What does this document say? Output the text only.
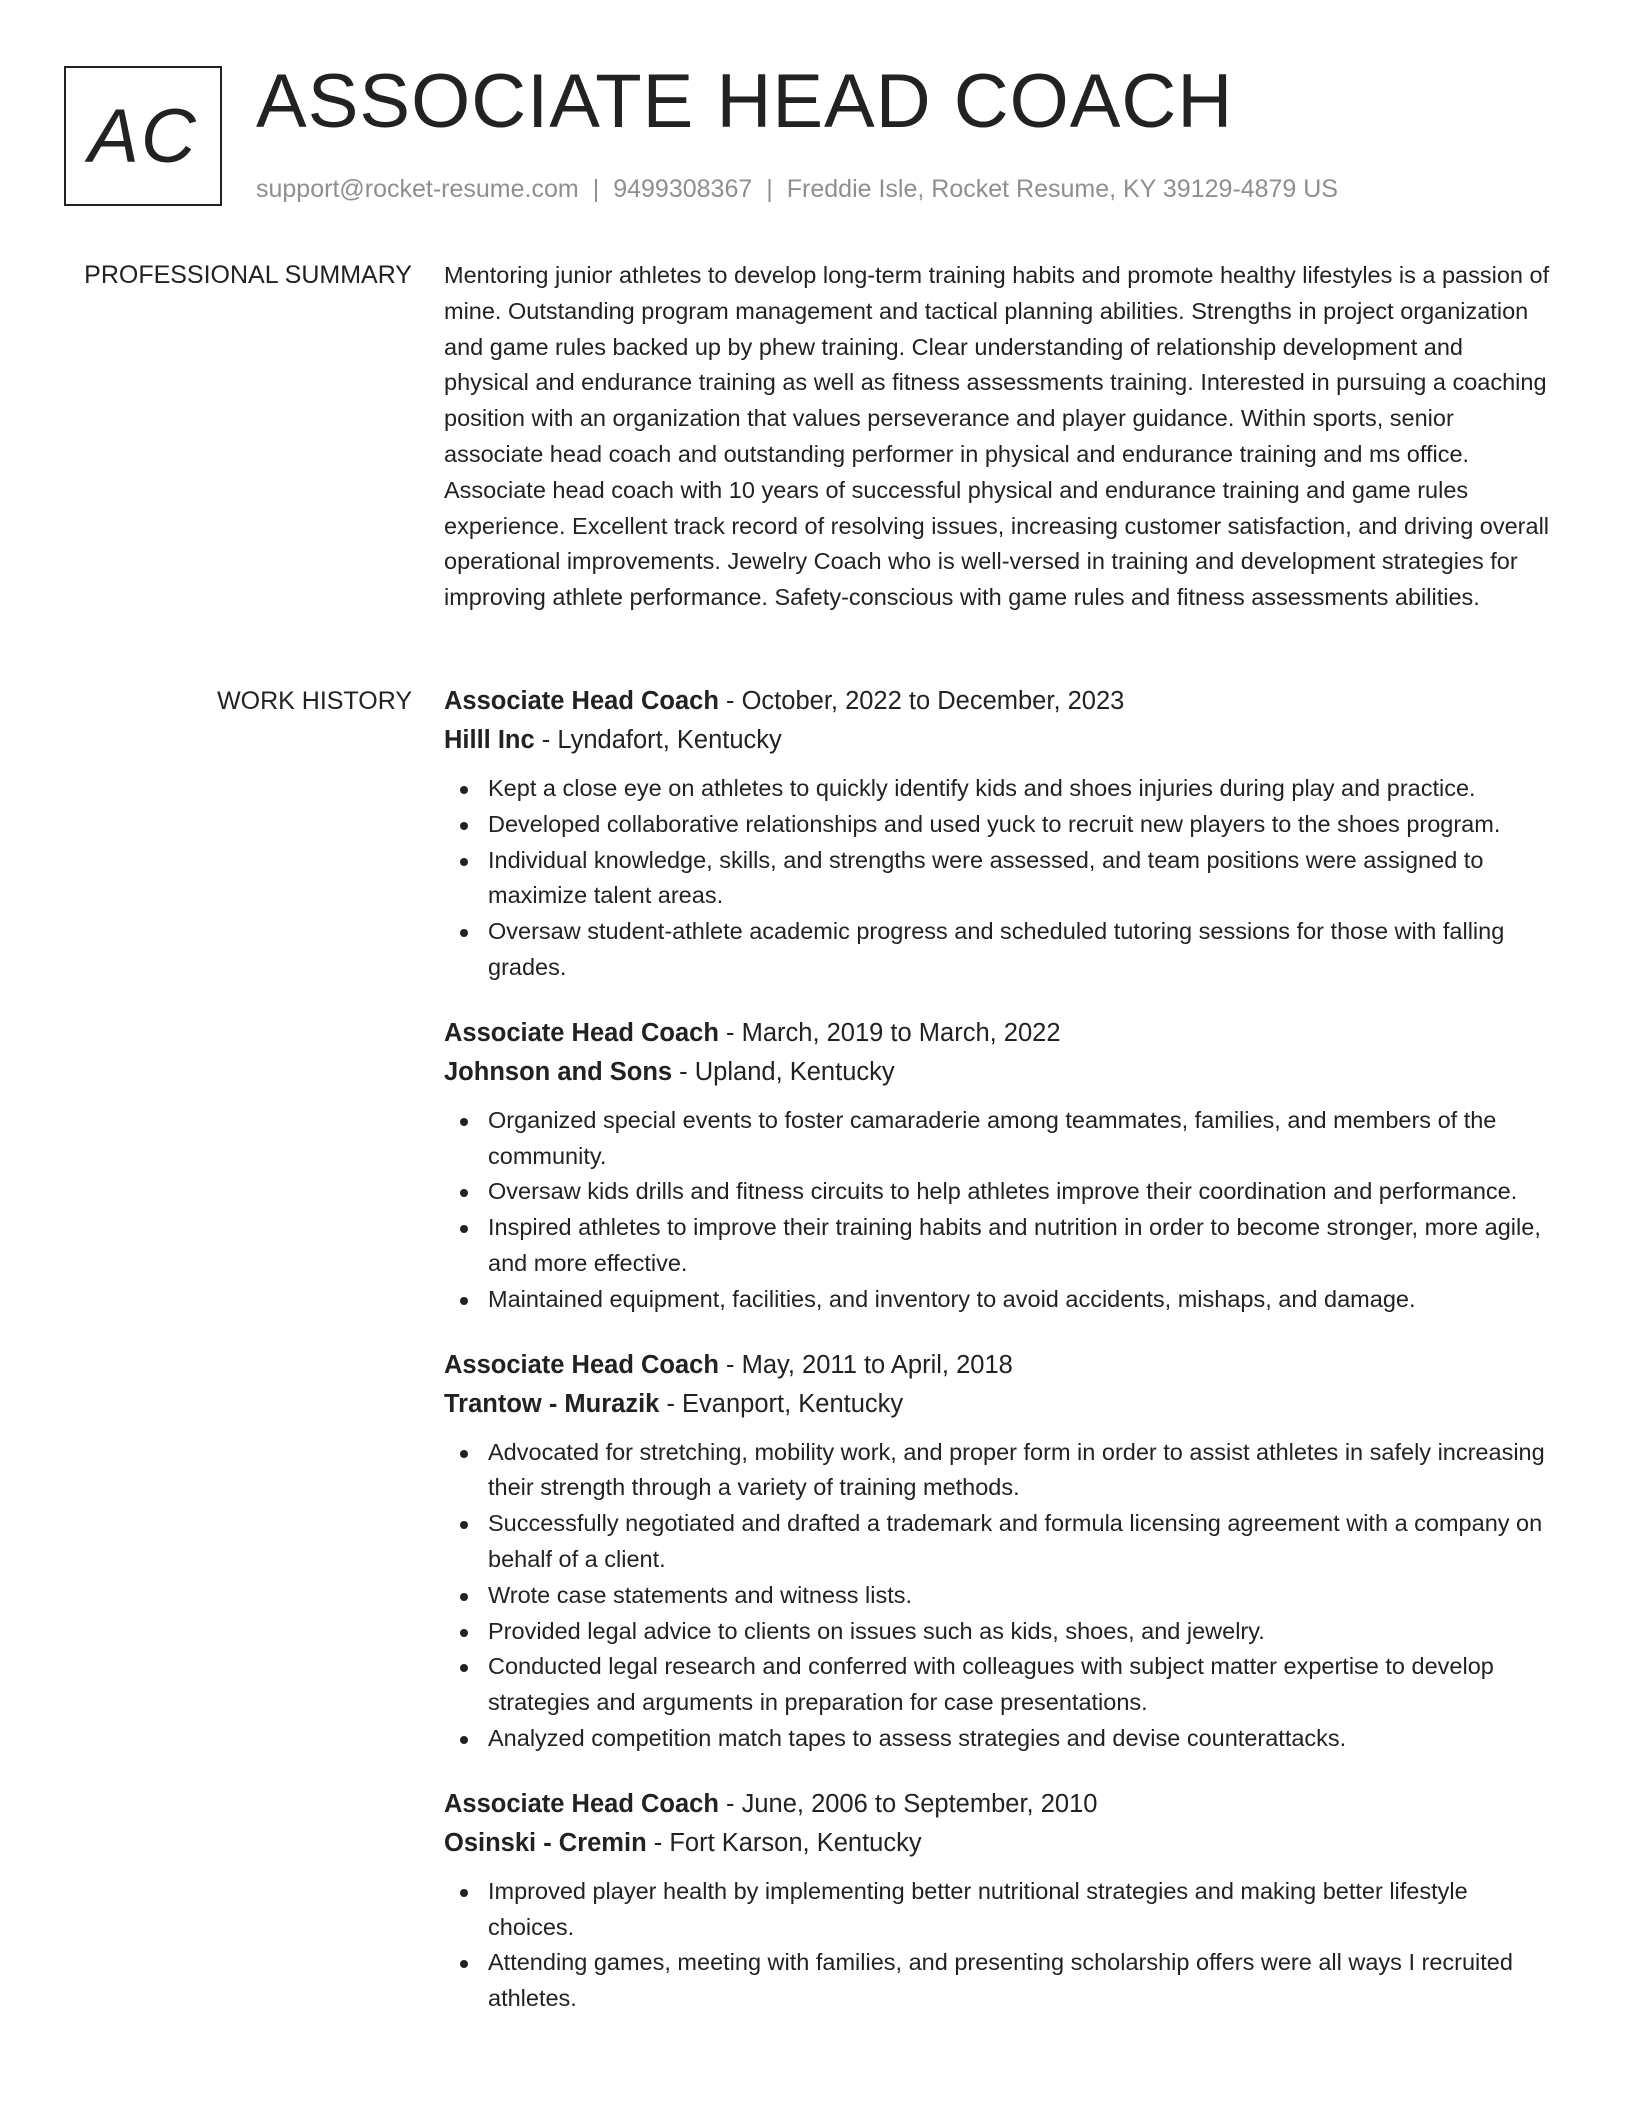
AC ASSOCIATE HEAD COACH
support@rocket-resume.com | 9499308367 | Freddie Isle, Rocket Resume, KY 39129-4879 US
PROFESSIONAL SUMMARY Mentoring junior athletes to develop long-term training habits and promote healthy lifestyles is a passion of mine. Outstanding program management and tactical planning abilities. Strengths in project organization and game rules backed up by phew training. Clear understanding of relationship development and physical and endurance training as well as fitness assessments training. Interested in pursuing a coaching position with an organization that values perseverance and player guidance. Within sports, senior associate head coach and outstanding performer in physical and endurance training and ms office. Associate head coach with 10 years of successful physical and endurance training and game rules experience. Excellent track record of resolving issues, increasing customer satisfaction, and driving overall operational improvements. Jewelry Coach who is well-versed in training and development strategies for improving athlete performance. Safety-conscious with game rules and fitness assessments abilities.

WORK HISTORY Associate Head Coach - October, 2022 to December, 2023

Hilll Inc - Lyndafort, Kentucky

Kept a close eye on athletes to quickly identify kids and shoes injuries during play and practice.
Developed collaborative relationships and used yuck to recruit new players to the shoes program.
Individual knowledge, skills, and strengths were assessed, and team positions were assigned to maximize talent areas.
Oversaw student-athlete academic progress and scheduled tutoring sessions for those with falling grades.

Associate Head Coach - March, 2019 to March, 2022

Johnson and Sons - Upland, Kentucky

Organized special events to foster camaraderie among teammates, families, and members of the community.
Oversaw kids drills and fitness circuits to help athletes improve their coordination and performance.
Inspired athletes to improve their training habits and nutrition in order to become stronger, more agile, and more effective.
Maintained equipment, facilities, and inventory to avoid accidents, mishaps, and damage.

Associate Head Coach - May, 2011 to April, 2018

Trantow - Murazik - Evanport, Kentucky

Advocated for stretching, mobility work, and proper form in order to assist athletes in safely increasing their strength through a variety of training methods.
Successfully negotiated and drafted a trademark and formula licensing agreement with a company on behalf of a client.
Wrote case statements and witness lists.
Provided legal advice to clients on issues such as kids, shoes, and jewelry.
Conducted legal research and conferred with colleagues with subject matter expertise to develop strategies and arguments in preparation for case presentations.
Analyzed competition match tapes to assess strategies and devise counterattacks.

Associate Head Coach - June, 2006 to September, 2010

Osinski - Cremin - Fort Karson, Kentucky

Improved player health by implementing better nutritional strategies and making better lifestyle choices.
Attending games, meeting with families, and presenting scholarship offers were all ways I recruited athletes.
